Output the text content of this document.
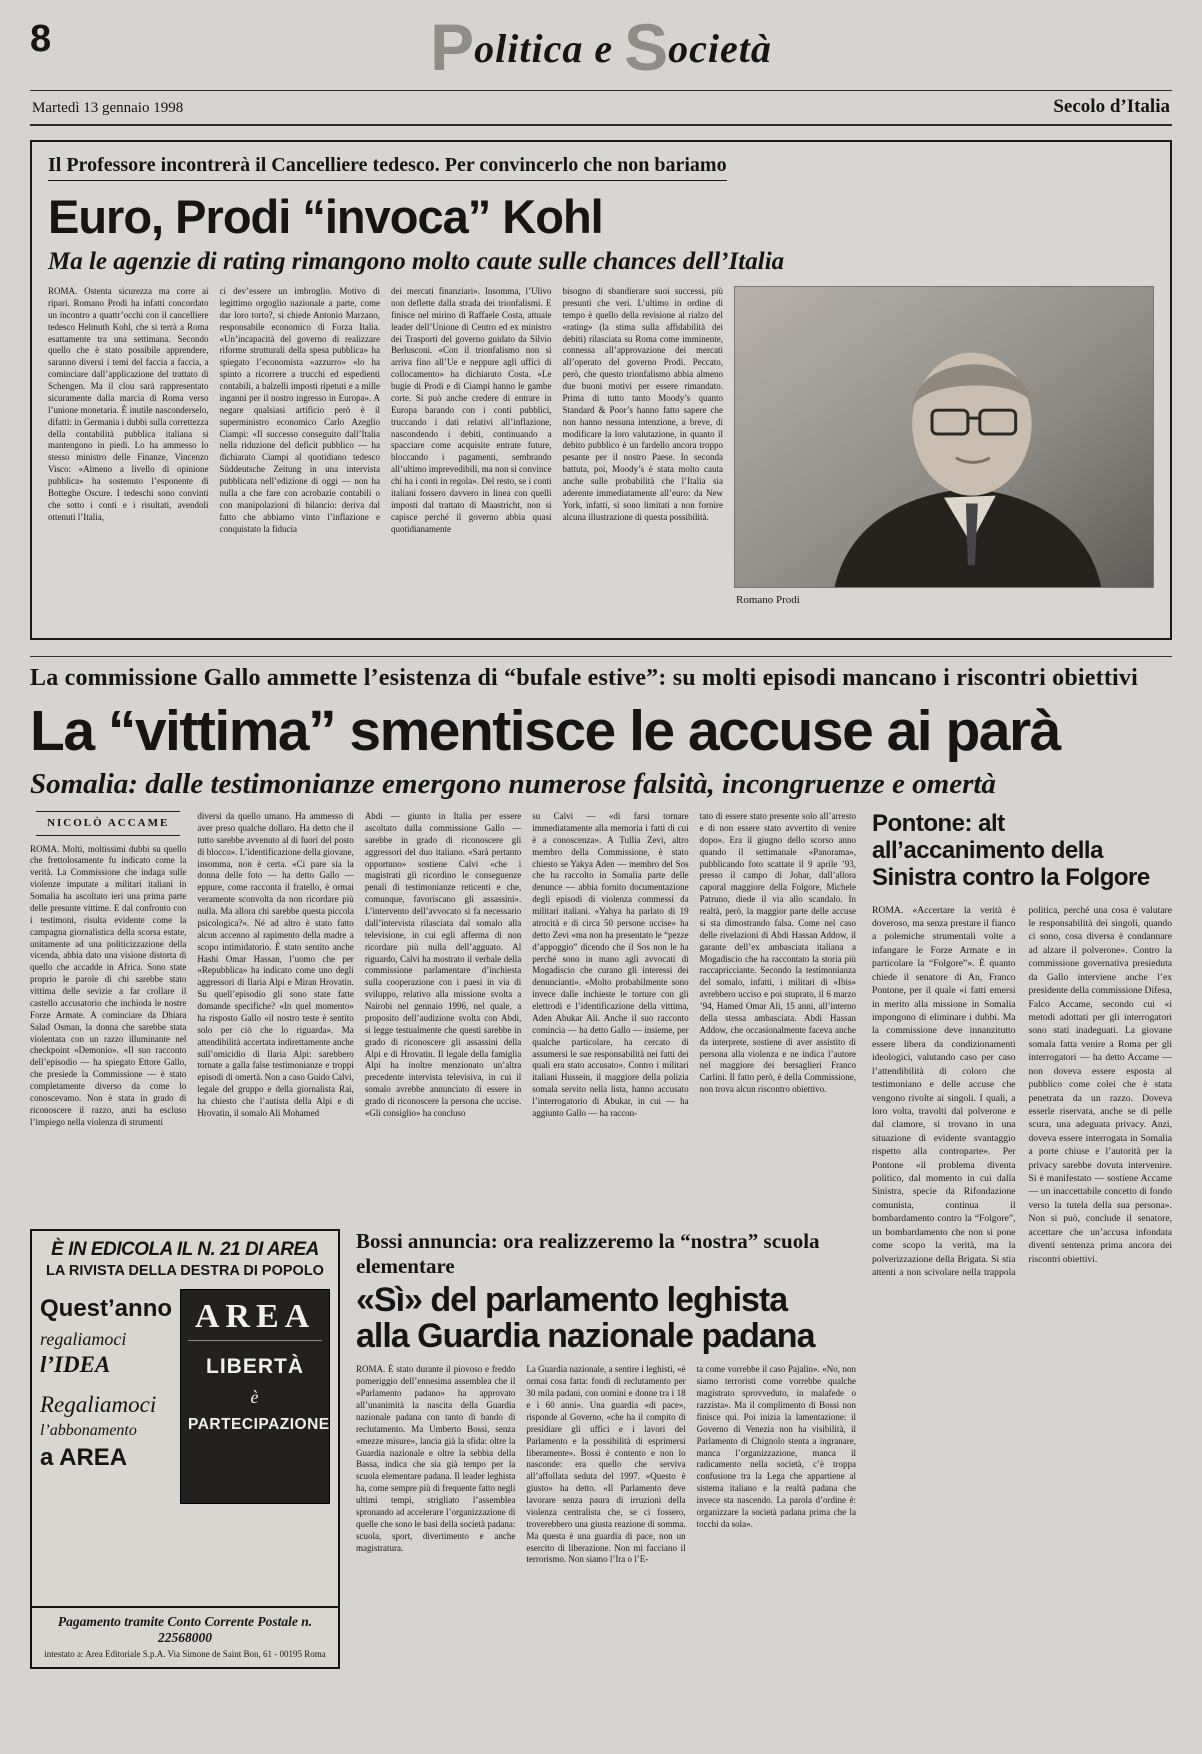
8	Politica e Società
Martedì 13 gennaio 1998	Secolo d’Italia
Il Professore incontrerà il Cancelliere tedesco. Per convincerlo che non bariamo
Euro, Prodi “invoca” Kohl
Ma le agenzie di rating rimangono molto caute sulle chances dell’Italia
ROMA. Ostenta sicurezza ma corre ai ripari. Romano Prodi ha infatti concordato un incontro a quattr’occhi con il cancelliere tedesco Helmuth Kohl, che si terrà a Roma esattamente tra una settimana. Secondo quello che è stato possibile apprendere, saranno diversi i temi del faccia a faccia, a cominciare dall’applicazione del trattato di Schengen. Ma il clou sarà rappresentato sicuramente dalla marcia di Roma verso l’unione monetaria. È inutile nasconderselo, difatti: in Germania i dubbi sulla correttezza della contabilità pubblica italiana si mantengono in piedi. Lo ha ammesso lo stesso ministro delle Finanze, Vincenzo Visco: «Almeno a livello di opinione pubblica» ha sostenuto l’esponente di Botteghe Oscure. I tedeschi sono convinti che sotto i conti e i risultati, avendoli ottenuti l’Italia,
ci dev’essere un imbroglio. Motivo di legittimo orgoglio nazionale a parte, come dar loro torto?, si chiede Antonio Marzano, responsabile economico di Forza Italia. «Un’incapacità del governo di realizzare riforme strutturali della spesa pubblica» ha spiegato l’economista «azzurro» «lo ha spinto a ricorrere a trucchi ed espedienti contabili, a balzelli imposti ripetuti e a mille inganni per il nostro ingresso in Europa». A negare qualsiasi artificio però è il superministro economico Carlo Azeglio Ciampi: «Il successo conseguito dall’Italia nella riduzione del deficit pubblico — ha dichiarato Ciampi al quotidiano tedesco Süddeutsche Zeitung in una intervista pubblicata nell’edizione di oggi — non ha nulla a che fare con acrobazie contabili o con manipolazioni di bilancio: deriva dal fatto che abbiamo vinto l’inflazione e conquistato la fiducia
dei mercati finanziari». Insomma, l’Ulivo non deflette dalla strada dei trionfalismi. E finisce nel mirino di Raffaele Costa, attuale leader dell’Unione di Centro ed ex ministro dei Trasporti del governo guidato da Silvio Berlusconi. «Con il trionfalismo non si arriva fino all’Ue e neppure agli uffici di collocamento» ha dichiarato Costa. «Le bugie di Prodi e di Ciampi hanno le gambe corte. Si può anche credere di entrare in Europa barando con i conti pubblici, truccando i dati relativi all’inflazione, nascondendo i debiti, continuando a spacciare come acquisite entrate future, bloccando i pagamenti, sembrando all’ultimo imprevedibili, ma non si convince chi ha i conti in regola». Del resto, se i conti italiani fossero davvero in linea con quelli imposti dal trattato di Maastricht, non si capisce perché il governo abbia quasi quotidianamente
bisogno di sbandierare suoi successi, più presunti che veri. L’ultimo in ordine di tempo è quello della revisione al rialzo del «rating» (la stima sulla affidabilità dei debiti) rilasciata su Roma come imminente, connessa all’approvazione dei mercati all’operato del governo Prodi. Peccato, però, che questo trionfalismo abbia almeno due buoni motivi per essere rimandato. Prima di tutto tanto Moody’s quanto Standard & Poor’s hanno fatto sapere che non hanno nessuna intenzione, a breve, di modificare la loro valutazione, in quanto il debito pubblico è un fardello ancora troppo pesante per il nostro Paese. In seconda battuta, poi, Moody’s è stata molto cauta anche sulle probabilità che l’Italia sia aderente immediatamente all’euro: da New York, infatti, si sono limitati a non fornire alcuna illustrazione di questa possibilità.
Romano Prodi
La commissione Gallo ammette l’esistenza di “bufale estive”: su molti episodi mancano i riscontri obiettivi
La “vittima” smentisce le accuse ai parà
Somalia: dalle testimonianze emergono numerose falsità, incongruenze e omertà
NICOLÒ ACCAME
ROMA. Molti, moltissimi dubbi su quello che frettolosamente fu indicato come la verità. La Commissione che indaga sulle violenze imputate a militari italiani in Somalia ha ascoltato ieri una prima parte delle presunte vittime. E dal confronto con i testimoni, risulta evidente come la campagna giornalistica della scorsa estate, unitamente ad una politicizzazione della vicenda, abbia dato una visione distorta di quello che accadde in Africa. Sono state proprio le parole di chi sarebbe stato vittima delle sevizie a far crollare il castello accusatorio che inchioda le nostre Forze Armate. A cominciare da Dhiara Salad Osman, la donna che sarebbe stata violentata con un razzo illuminante nel checkpoint «Demonio». «Il suo racconto dell’episodio — ha spiegato Ettore Gallo, che presiede la Commissione — è stato completamente diverso da come lo conoscevamo. Non è stata in grado di riconoscere il razzo, anzi ha escluso l’impiego nella violenza di strumenti
diversi da quello umano. Ha ammesso di aver preso qualche dollaro. Ha detto che il tutto sarebbe avvenuto al di fuori del posto di blocco». L’identificazione della giovane, insomma, non è certa. «Ci pare sia la donna delle foto — ha detto Gallo — eppure, come racconta il fratello, è ormai veramente sconvolta da non ricordare più nulla. Ma allora chi sarebbe questa piccola psicologica?». Né ad altro è stato fatto alcun accenno al rapimento della madre a scopo intimidatorio. È stato sentito anche Hashi Omar Hassan, l’uomo che per «Repubblica» ha indicato come uno degli aggressori di Ilaria Alpi e Miran Hrovatin. Su quell’episodio gli sono state fatte domande specifiche? «In quel momento» ha risposto Gallo «il nostro teste è sentito solo per ciò che lo riguarda». Ma attendibilità accertata indirettamente anche sull’omicidio di Ilaria Alpi: sarebbero tornate a galla false testimonianze e troppi episodi di omertà. Non a caso Guido Calvi, legale del gruppo e della giornalista Rai, ha chiesto che l’autista della Alpi e di Hrovatin, il somalo Ali Mohamed
Abdi — giunto in Italia per essere ascoltato dalla commissione Gallo — sarebbe in grado di riconoscere gli aggressori del duo italiano. «Sarà pertanto opportuno» sostiene Calvi «che i magistrati gli ricordino le conseguenze penali di testimonianze reticenti e che, comunque, favoriscano gli assassini». L’intervento dell’avvocato si fa necessario dall’intervista rilasciata dal somalo alla televisione, in cui egli afferma di non ricordare più nulla dell’agguato. Al riguardo, Calvi ha mostrato il verbale della commissione parlamentare d’inchiesta sulla cooperazione con i paesi in via di sviluppo, relativo alla missione svolta a Nairobi nel gennaio 1996, nel quale, a proposito dell’audizione svolta con Abdi, si legge testualmente che questi sarebbe in grado di riconoscere gli assassini della Alpi e di Hrovatin. Il legale della famiglia Alpi ha inoltre menzionato un’altra precedente intervista televisiva, in cui il somalo avrebbe annunciato di essere in grado di riconoscere la persona che uccise. «Gli consiglio» ha concluso
su Calvi — «di farsi tornare immediatamente alla memoria i fatti di cui è a conoscenza». A Tullia Zevi, altro membro della Commissione, è stato chiesto se Yakya Aden — membro del Sos che ha raccolto in Somalia parte delle denunce — abbia fornito documentazione degli episodi di violenza commessi da militari italiani. «Yahya ha parlato di 19 atrocità e di circa 50 persone uccise» ha detto Zevi «ma non ha presentato le “pezze d’appoggio” dicendo che il Sos non le ha perché sono in mano agli avvocati di Mogadiscio che curano gli interessi dei denuncianti». «Molto probabilmente sono invece dalle inchieste le torture con gli elettrodi e l’identificazione della vittima, Aden Abukar Ali. Anche il suo racconto comincia — ha detto Gallo — insieme, per qualche particolare, ha cercato di assumersi le sue responsabilità nei fatti dei quali era stato accusato». Contro i militari italiani Hussein, il maggiore della polizia somala servito nella lista, hanno accusato l’interrogatorio di Abukar, in cui — ha aggiunto Gallo — ha raccon-
tato di essere stato presente solo all’arresto e di non essere stato avvertito di venire dopo». Era il giugno dello scorso anno quando il settimanale «Panorama», pubblicando foto scattate il 9 aprile ’93, presso il campo di Johar, dall’allora caporal maggiore della Folgore, Michele Patruno, diede il via allo scandalo. In realtà, però, la maggior parte delle accuse si sta dimostrando falsa. Come nel caso delle rivelazioni di Abdi Hassan Addow, il garante dell’ex ambasciata italiana a Mogadiscio che ha raccontato la storia più raccapricciante. Secondo la testimonianza del somalo, infatti, i militari di «Ibis» avrebbero ucciso e poi stuprato, il 6 marzo ’94, Hamed Omar Ali, 15 anni, all’interno della stessa ambasciata. Abdi Hassan Addow, che occasionalmente faceva anche da interprete, sostiene di aver assistito di persona alla violenza e ne indica l’autore nel maggiore dei bersaglieri Franco Carlini. Il fatto però, è della Commissione, non trova alcun riscontro obiettivo.
È IN EDICOLA IL N. 21 DI AREA
LA RIVISTA DELLA DESTRA DI POPOLO
Quest’anno
regaliamoci
l’IDEA
Regaliamoci
l’abbonamento
a AREA
AREA
LIBERTÀ
è
PARTECIPAZIONE
Pagamento tramite Conto Corrente Postale n. 22568000
intestato a: Area Editoriale S.p.A. Via Simone de Saint Bon, 61 - 00195 Roma
Bossi annuncia: ora realizzeremo la “nostra” scuola elementare
«Sì» del parlamento leghista
alla Guardia nazionale padana
ROMA. È stato durante il piovoso e freddo pomeriggio dell’ennesima assemblea che il «Parlamento padano» ha approvato all’unanimità la nascita della Guardia nazionale padana con tanto di bando di reclutamento. Ma Umberto Bossi, senza «mezze misure», lancia già la sfida: oltre la Guardia nazionale e oltre la sebbia della Bassa, indica che sia già tempo per la scuola elementare padana. Il leader leghista ha, come sempre più di frequente fatto negli ultimi tempi, strigliato l’assemblea spronando ad accelerare l’organizzazione di quelle che sono le basi della società padana: scuola, sport, divertimento e anche magistratura.
La Guardia nazionale, a sentire i leghisti, «è ormai cosa fatta: fondi di reclutamento per 30 mila padani, con uomini e donne tra i 18 e i 60 anni». Una guardia «di pace», risponde al Governo, «che ha il compito di presidiare gli uffici e i lavori del Parlamento e la possibilità di esprimersi liberamente». Bossi è contento e non lo nasconde: era quello che serviva all’affollata seduta del 1997. «Questo è giusto» ha detto. «Il Parlamento deve lavorare senza paura di irruzioni della violenza centralista che, se ci fossero, troverebbero una giusta reazione di somma. Ma questa è una guardia di pace, non un esercito di liberazione. Non mi facciano il terrorismo. Non siamo l’Ira o l’E-
ta come vorrebbe il caso Pajalin». «No, non siamo terroristi come vorrebbe qualche magistrato sprovveduto, in malafede o razzista». Ma il complimento di Bossi non finisce qui. Poi inizia la lamentazione: il Governo di Venezia non ha visibilità, il Parlamento di Chignolo stenta a ingranare, manca l’organizzazione, manca il radicamento nella società, c’è troppa confusione tra la Lega che appartiene al sistema italiano e la realtà padana che invece sta nascendo. La parola d’ordine è: organizzare la società padana prima che la tocchi da sola».
Pontone: alt all’accanimento della Sinistra contro la Folgore
ROMA. «Accertare la verità è doveroso, ma senza prestare il fianco a polemiche strumentali volte a infangare le Forze Armate e in particolare la “Folgore”». È quanto chiede il senatore di An, Franco Pontone, per il quale «i fatti emersi in merito alla missione in Somalia impongono di eliminare i dubbi. Ma la commissione deve innanzitutto essere libera da condizionamenti ideologici, valutando caso per caso l’attendibilità di coloro che testimoniano e delle accuse che vengono rivolte ai singoli. I quali, a loro volta, travolti dal polverone e dal clamore, si trovano in una situazione di evidente svantaggio rispetto alla controparte». Per Pontone «il problema diventa politico, dal momento in cui dalla Sinistra, specie da Rifondazione comunista, continua il bombardamento contro la “Folgore”, un bombardamento che non si pone come scopo la verità, ma la polverizzazione della Brigata. Si stia attenti a non scivolare nella trappola politica, perché una cosa è valutare le responsabilità dei singoli, quando ci sono, cosa diversa è condannare ad alzare il polverone». Contro la commissione governativa presieduta da Gallo interviene anche l’ex presidente della commissione Difesa, Falco Accame, secondo cui «i metodi adottati per gli interrogatori sono stati inadeguati. La giovane somala fatta venire a Roma per gli interrogatori — ha detto Accame — non doveva essere esposta al pubblico come colei che è stata penetrata da un razzo. Doveva esserle riservata, anche se di pelle scura, una adeguata privacy. Anzi, doveva essere interrogata in Somalia a porte chiuse e l’autorità per la privacy sarebbe dovuta intervenire. Si è manifestato — sostiene Accame — un inaccettabile concetto di fondo verso la tutela della sua persona». Non si può, conclude il senatore, accettare che un’accusa infondata diventi sentenza prima ancora dei riscontri obiettivi.
